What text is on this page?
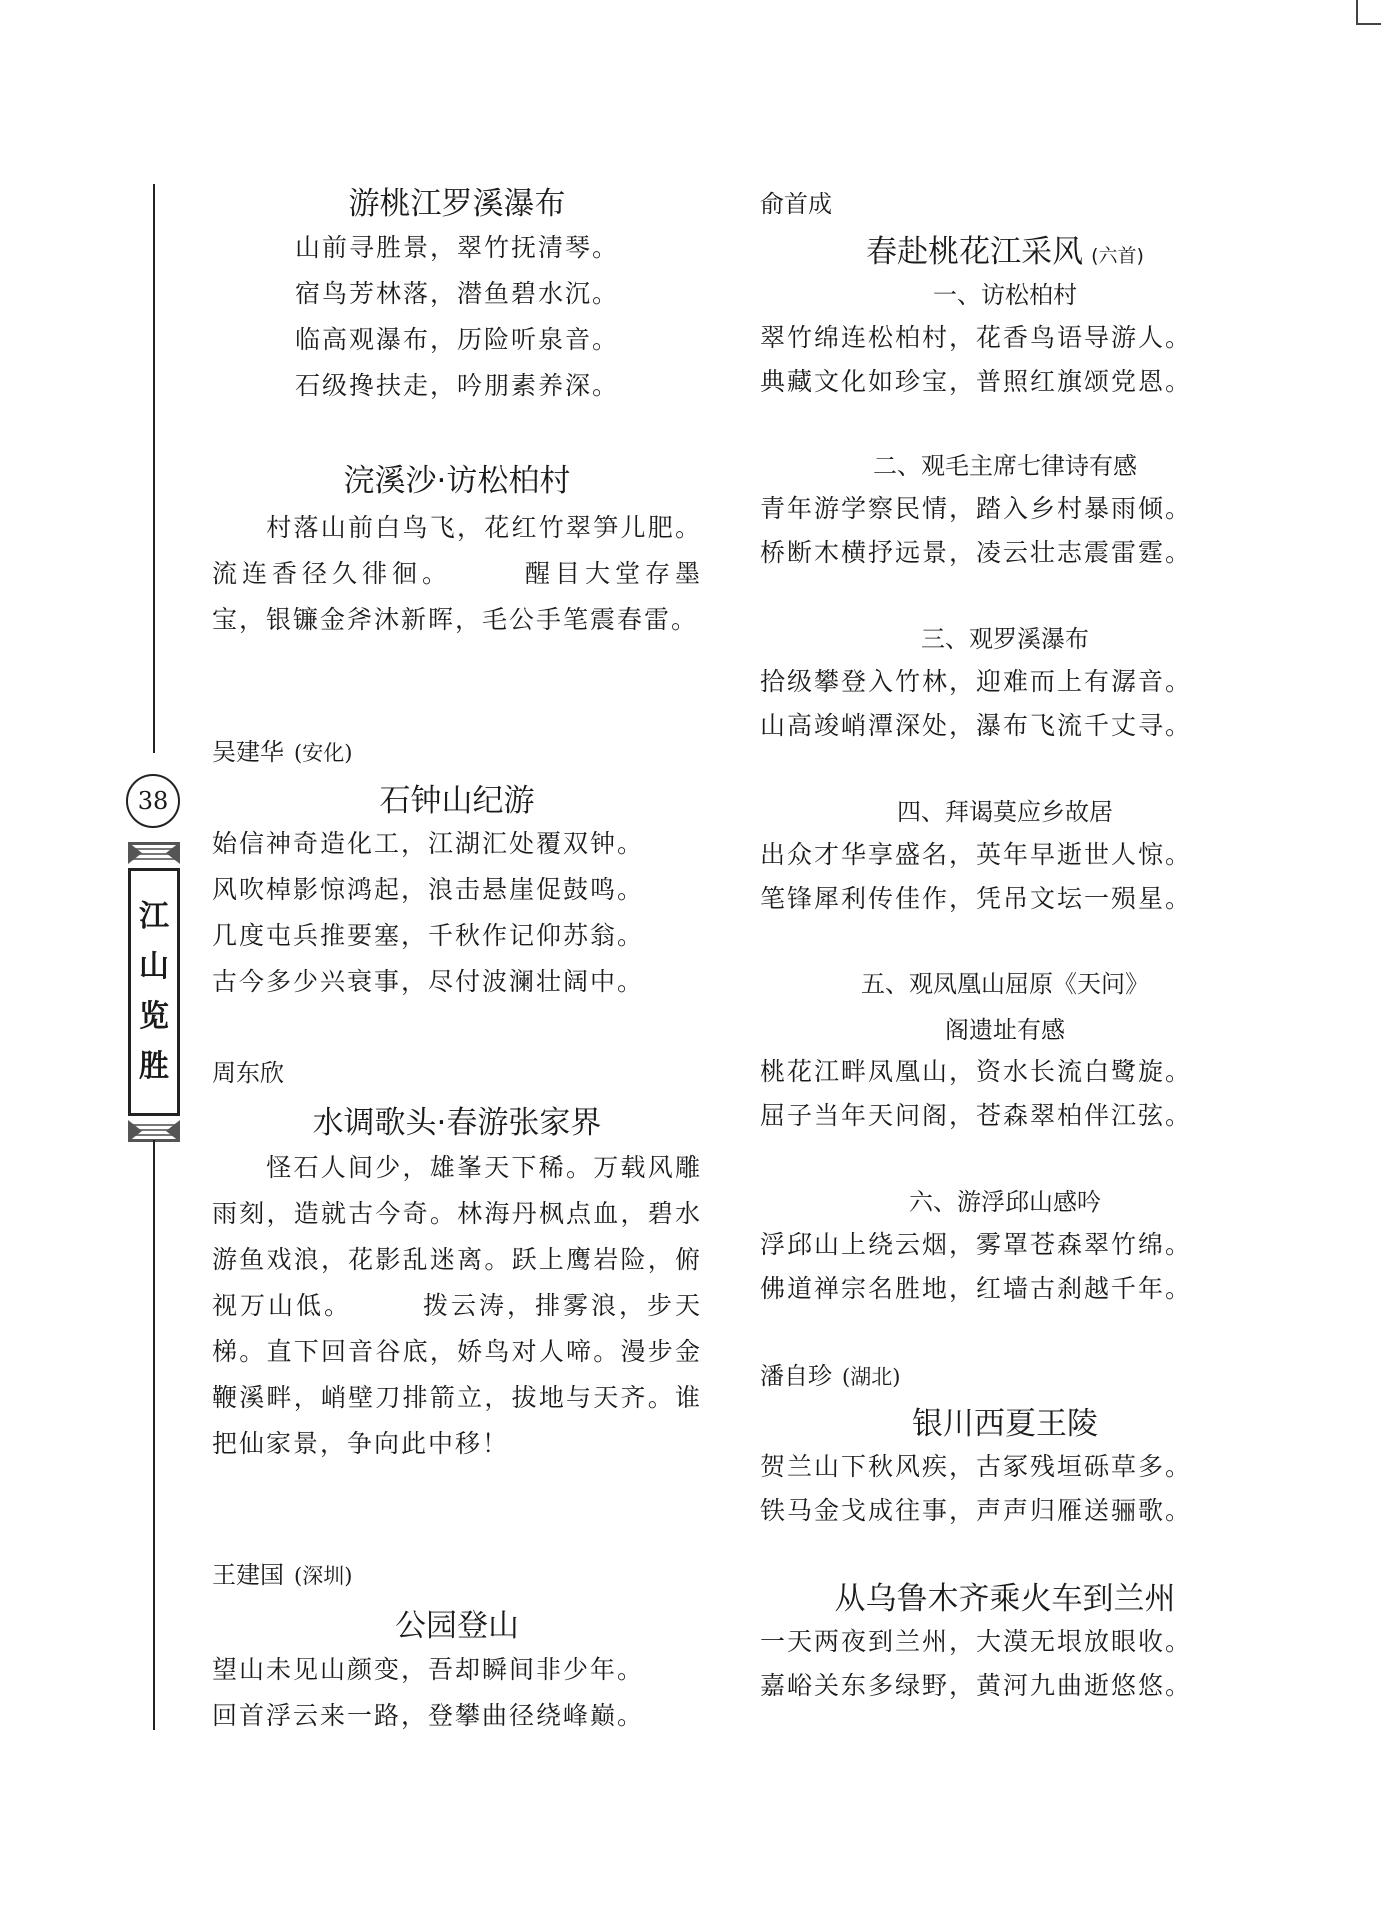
38
江
山
览
胜
游桃江罗溪瀑布
山前寻胜景，翠竹抚清琴。
宿鸟芳林落，潜鱼碧水沉。
临高观瀑布，历险听泉音。
石级搀扶走，吟朋素养深。
浣溪沙·访松柏村
村落山前白鸟飞，花红竹翠笋儿肥。流连香径久徘徊。	醒目大堂存墨宝，银镰金斧沐新晖，毛公手笔震春雷。
吴建华 (安化)
石钟山纪游
始信神奇造化工，江湖汇处覆双钟。
风吹棹影惊鸿起，浪击悬崖促鼓鸣。
几度屯兵推要塞，千秋作记仰苏翁。
古今多少兴衰事，尽付波澜壮阔中。
周东欣
水调歌头·春游张家界
怪石人间少，雄峯天下稀。万载风雕雨刻，造就古今奇。林海丹枫点血，碧水游鱼戏浪，花影乱迷离。跃上鹰岩险，俯视万山低。	拨云涛，排雾浪，步天梯。直下回音谷底，娇鸟对人啼。漫步金鞭溪畔，峭壁刀排箭立，拔地与天齐。谁把仙家景，争向此中移！
王建国 (深圳)
公园登山
望山未见山颜变，吾却瞬间非少年。
回首浮云来一路，登攀曲径绕峰巅。
俞首成
春赴桃花江采风 (六首)
一、访松柏村
翠竹绵连松柏村，花香鸟语导游人。
典藏文化如珍宝，普照红旗颂党恩。
二、观毛主席七律诗有感
青年游学察民情，踏入乡村暴雨倾。
桥断木横抒远景，凌云壮志震雷霆。
三、观罗溪瀑布
拾级攀登入竹林，迎难而上有潺音。
山高竣峭潭深处，瀑布飞流千丈寻。
四、拜谒莫应乡故居
出众才华享盛名，英年早逝世人惊。
笔锋犀利传佳作，凭吊文坛一殒星。
五、观凤凰山屈原《天问》
阁遗址有感
桃花江畔凤凰山，资水长流白鹭旋。
屈子当年天问阁，苍森翠柏伴江弦。
六、游浮邱山感吟
浮邱山上绕云烟，雾罩苍森翠竹绵。
佛道禅宗名胜地，红墙古刹越千年。
潘自珍 (湖北)
银川西夏王陵
贺兰山下秋风疾，古冢残垣砾草多。
铁马金戈成往事，声声归雁送骊歌。
从乌鲁木齐乘火车到兰州
一天两夜到兰州，大漠无垠放眼收。
嘉峪关东多绿野，黄河九曲逝悠悠。
